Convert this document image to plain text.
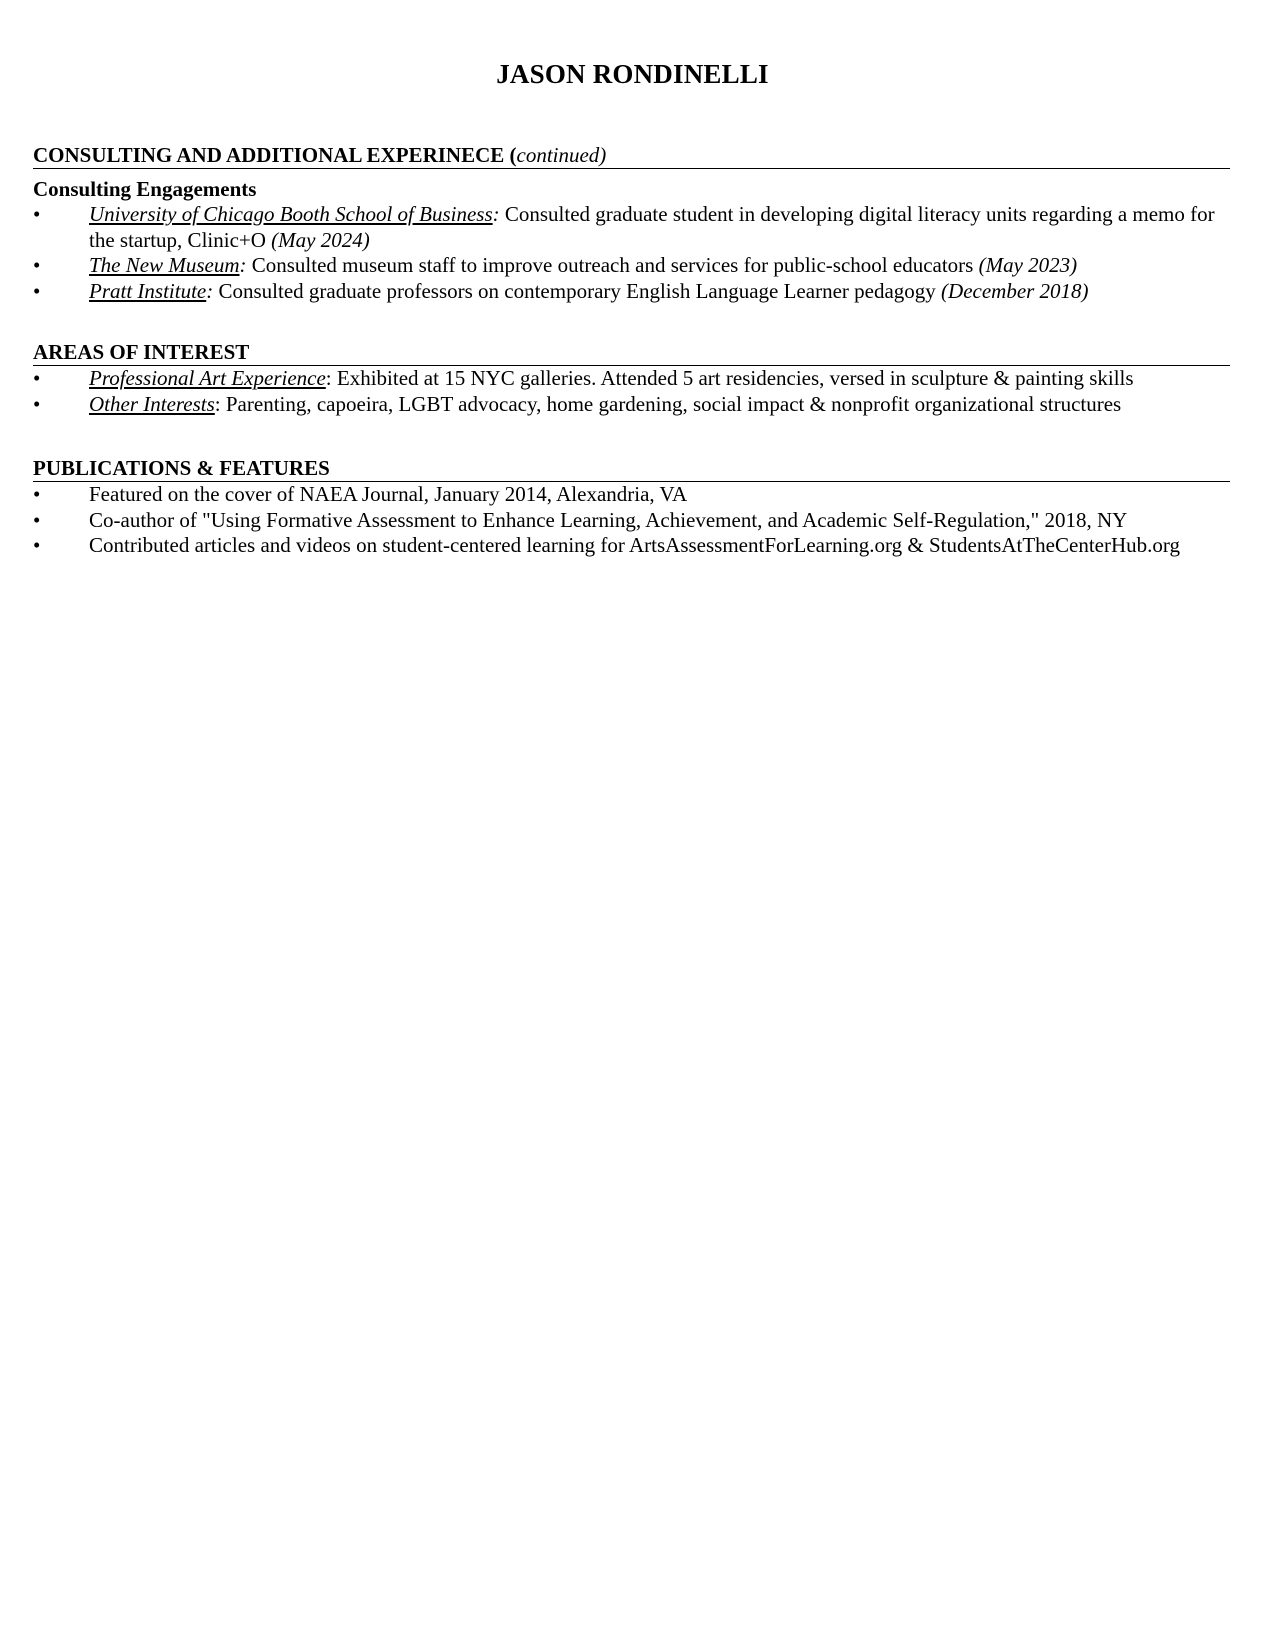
JASON RONDINELLI
CONSULTING AND ADDITIONAL EXPERINECE (continued)
Consulting Engagements
•	University of Chicago Booth School of Business: Consulted graduate student in developing digital literacy units regarding a memo for the startup, Clinic+O (May 2024)
•	The New Museum: Consulted museum staff to improve outreach and services for public-school educators (May 2023)
•	Pratt Institute: Consulted graduate professors on contemporary English Language Learner pedagogy (December 2018)
AREAS OF INTEREST
•	Professional Art Experience: Exhibited at 15 NYC galleries. Attended 5 art residencies, versed in sculpture & painting skills
•	Other Interests: Parenting, capoeira, LGBT advocacy, home gardening, social impact & nonprofit organizational structures
PUBLICATIONS & FEATURES
•	Featured on the cover of NAEA Journal, January 2014, Alexandria, VA
•	Co-author of "Using Formative Assessment to Enhance Learning, Achievement, and Academic Self-Regulation," 2018, NY
•	Contributed articles and videos on student-centered learning for ArtsAssessmentForLearning.org & StudentsAtTheCenterHub.org
